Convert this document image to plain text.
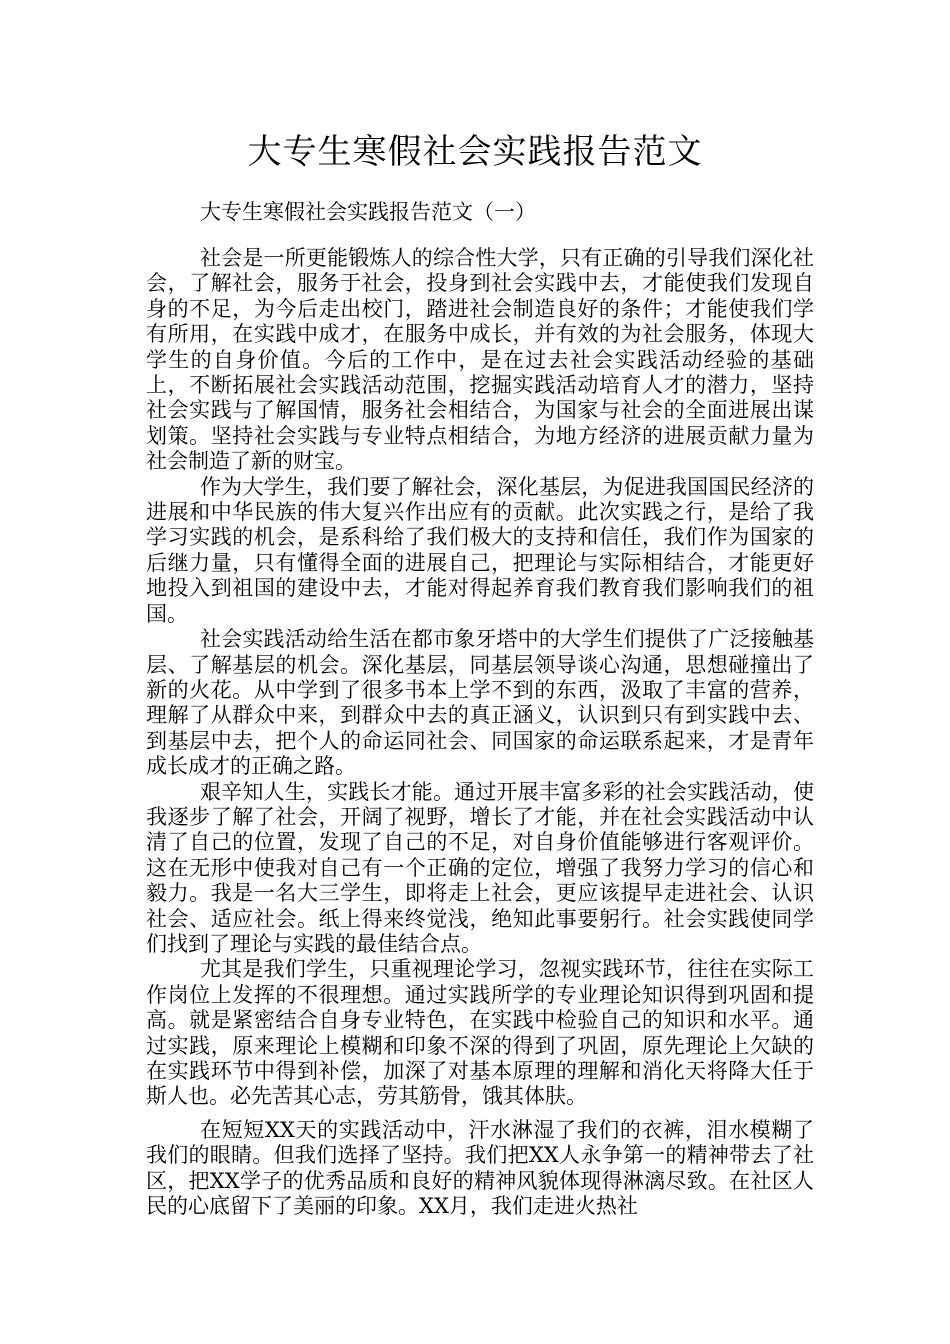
大专生寒假社会实践报告范文

大专生寒假社会实践报告范文（一）

社会是一所更能锻炼人的综合性大学，只有正确的引导我们深化社会，了解社会，服务于社会，投身到社会实践中去，才能使我们发现自身的不足，为今后走出校门，踏进社会制造良好的条件；才能使我们学有所用，在实践中成才，在服务中成长，并有效的为社会服务，体现大学生的自身价值。今后的工作中，是在过去社会实践活动经验的基础上，不断拓展社会实践活动范围，挖掘实践活动培育人才的潜力，坚持社会实践与了解国情，服务社会相结合，为国家与社会的全面进展出谋划策。坚持社会实践与专业特点相结合，为地方经济的进展贡献力量为社会制造了新的财宝。

作为大学生，我们要了解社会，深化基层，为促进我国国民经济的进展和中华民族的伟大复兴作出应有的贡献。此次实践之行，是给了我学习实践的机会，是系科给了我们极大的支持和信任，我们作为国家的后继力量，只有懂得全面的进展自己，把理论与实际相结合，才能更好地投入到祖国的建设中去，才能对得起养育我们教育我们影响我们的祖国。

社会实践活动给生活在都市象牙塔中的大学生们提供了广泛接触基层、了解基层的机会。深化基层，同基层领导谈心沟通，思想碰撞出了新的火花。从中学到了很多书本上学不到的东西，汲取了丰富的营养，理解了从群众中来，到群众中去的真正涵义，认识到只有到实践中去、到基层中去，把个人的命运同社会、同国家的命运联系起来，才是青年成长成才的正确之路。

艰辛知人生，实践长才能。通过开展丰富多彩的社会实践活动，使我逐步了解了社会，开阔了视野，增长了才能，并在社会实践活动中认清了自己的位置，发现了自己的不足，对自身价值能够进行客观评价。这在无形中使我对自己有一个正确的定位，增强了我努力学习的信心和毅力。我是一名大三学生，即将走上社会，更应该提早走进社会、认识社会、适应社会。纸上得来终觉浅，绝知此事要躬行。社会实践使同学们找到了理论与实践的最佳结合点。

尤其是我们学生，只重视理论学习，忽视实践环节，往往在实际工作岗位上发挥的不很理想。通过实践所学的专业理论知识得到巩固和提高。就是紧密结合自身专业特色，在实践中检验自己的知识和水平。通过实践，原来理论上模糊和印象不深的得到了巩固，原先理论上欠缺的在实践环节中得到补偿，加深了对基本原理的理解和消化天将降大任于斯人也。必先苦其心志，劳其筋骨，饿其体肤。

在短短XX天的实践活动中，汗水淋湿了我们的衣裤，泪水模糊了我们的眼睛。但我们选择了坚持。我们把XX人永争第一的精神带去了社区，把XX学子的优秀品质和良好的精神风貌体现得淋漓尽致。在社区人民的心底留下了美丽的印象。XX月，我们走进火热社
